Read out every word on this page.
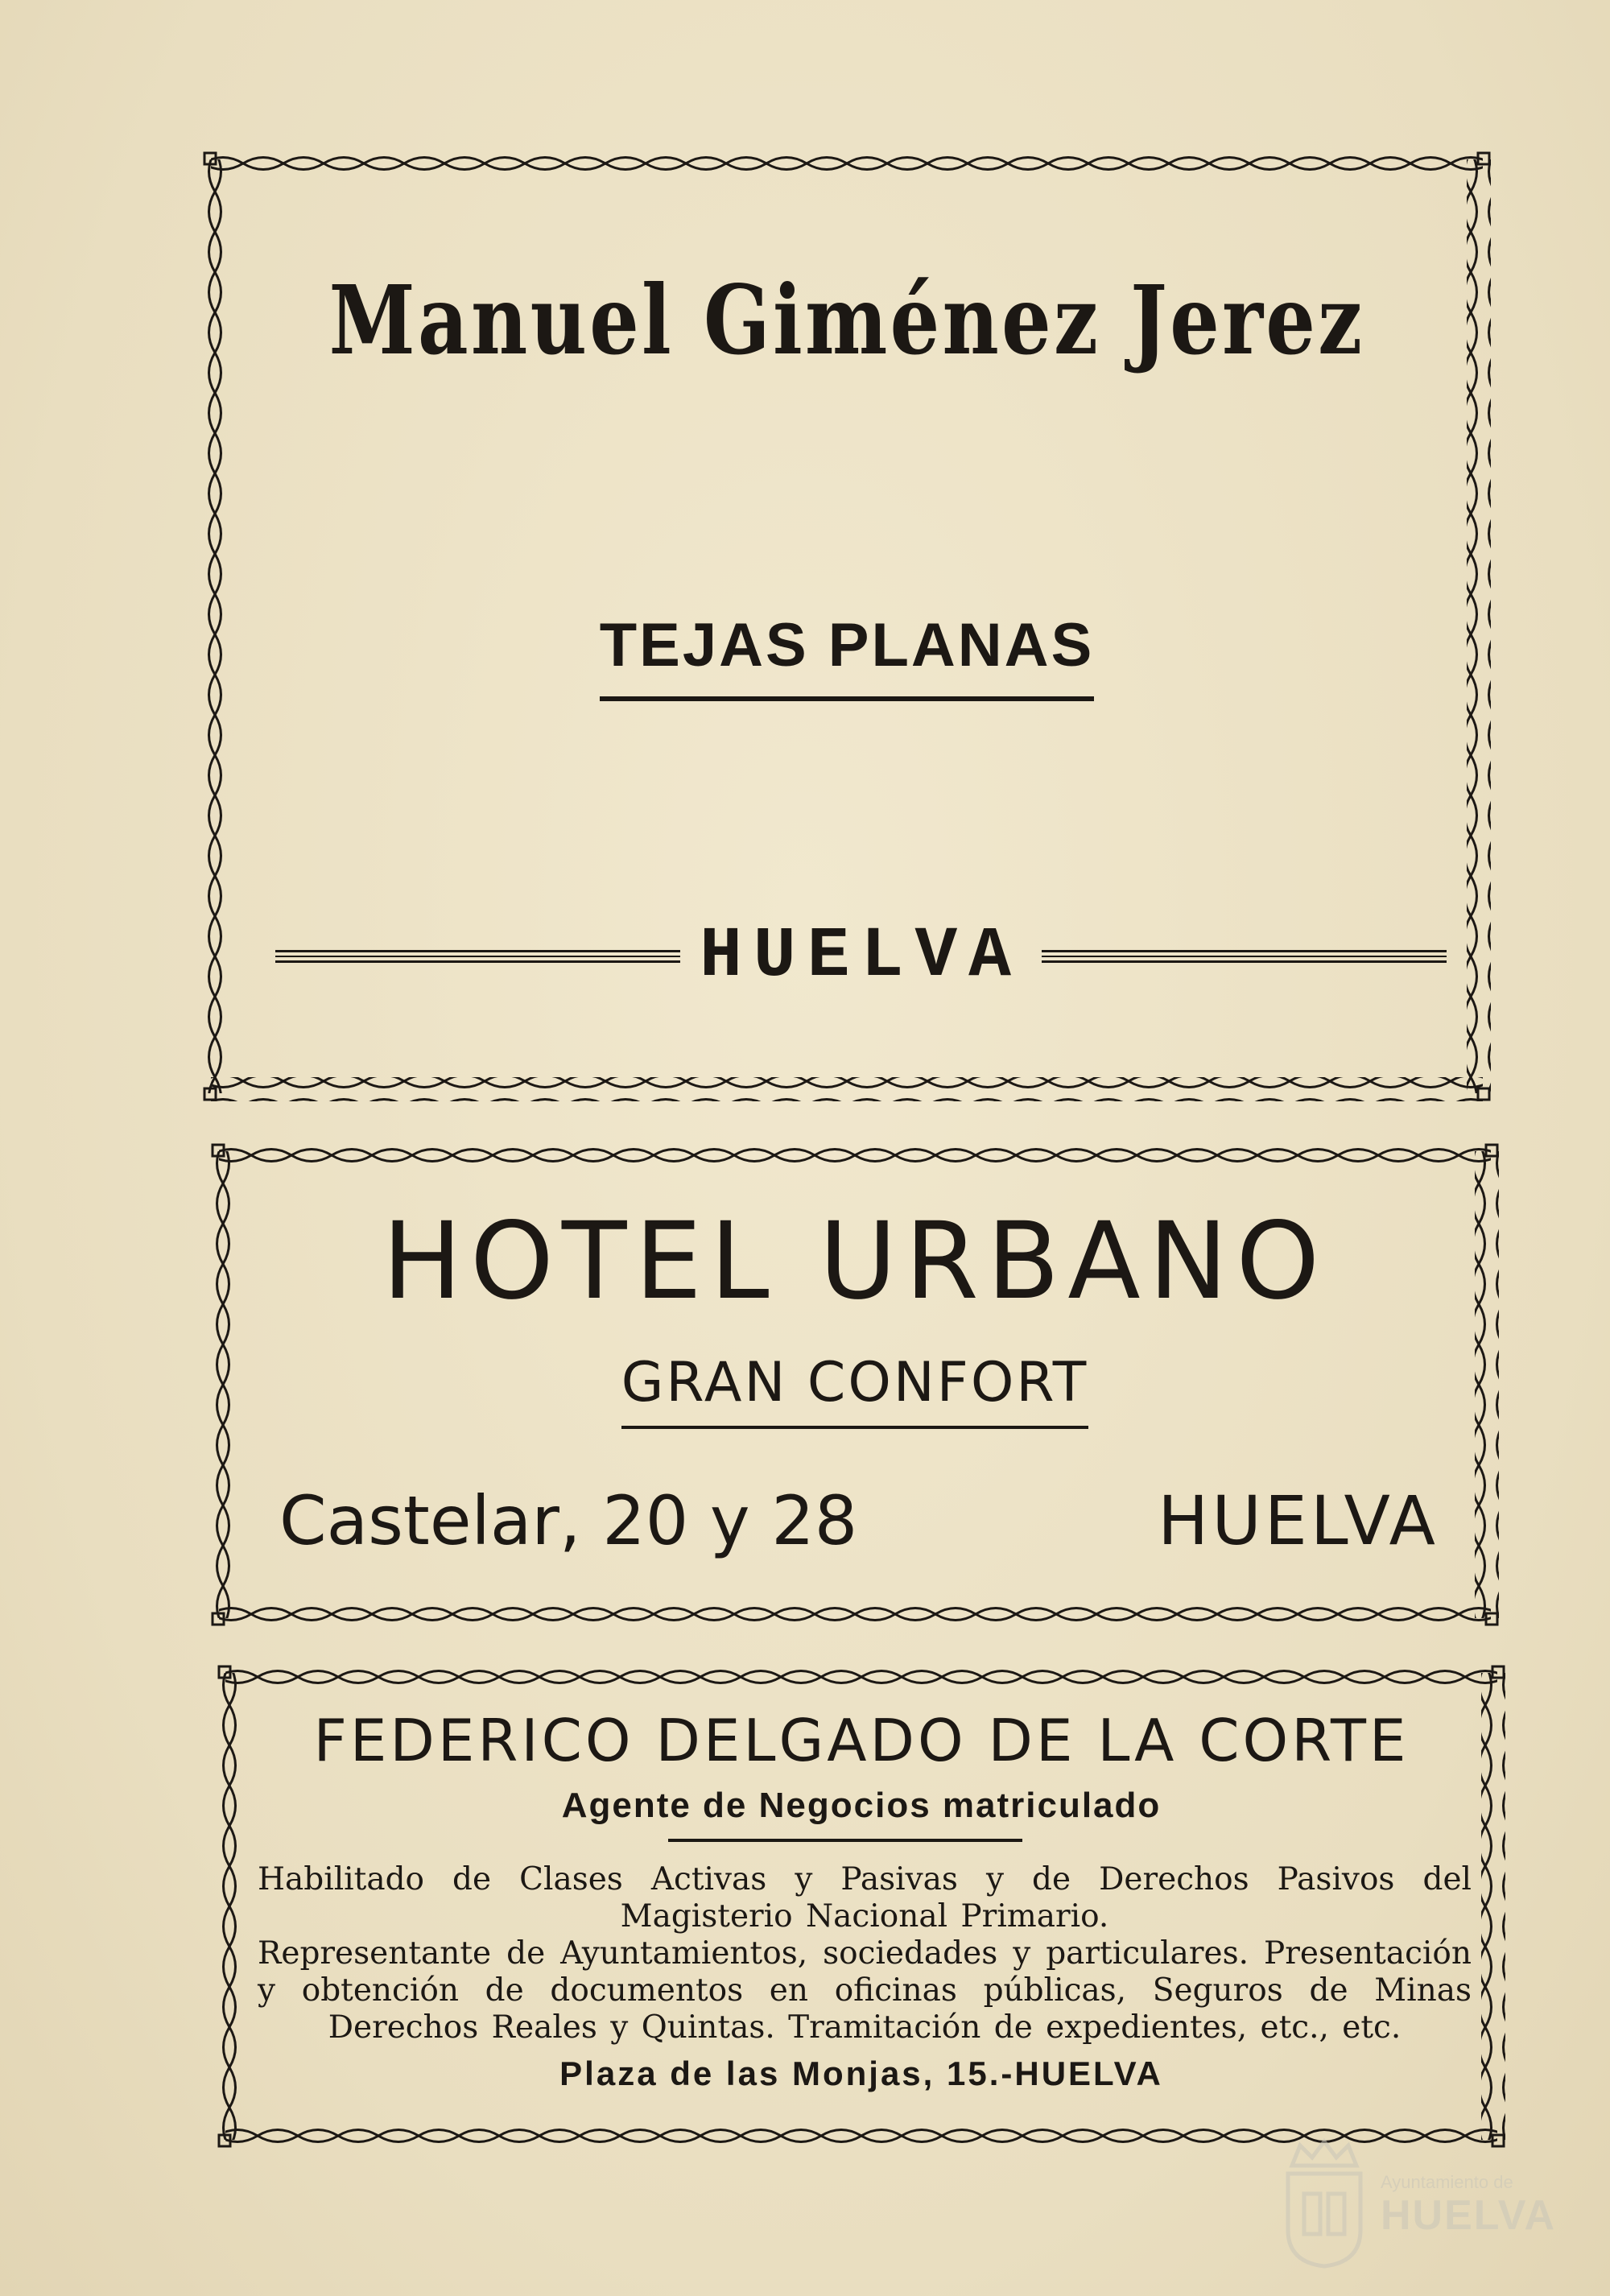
Manuel Giménez Jerez
TEJAS PLANAS
HUELVA
HOTEL URBANO
GRAN CONFORT
Castelar, 20 y 28	HUELVA
FEDERICO DELGADO DE LA CORTE
Agente de Negocios matriculado
Habilitado de Clases Activas y Pasivas y de Derechos Pasivos del Magisterio Nacional Primario.
Representante de Ayuntamientos, sociedades y particulares. Presentación y obtención de documentos en oficinas públicas, Seguros de Minas Derechos Reales y Quintas. Tramitación de expedientes, etc., etc.
Plaza de las Monjas, 15.-HUELVA
Ayuntamiento de
HUELVA
